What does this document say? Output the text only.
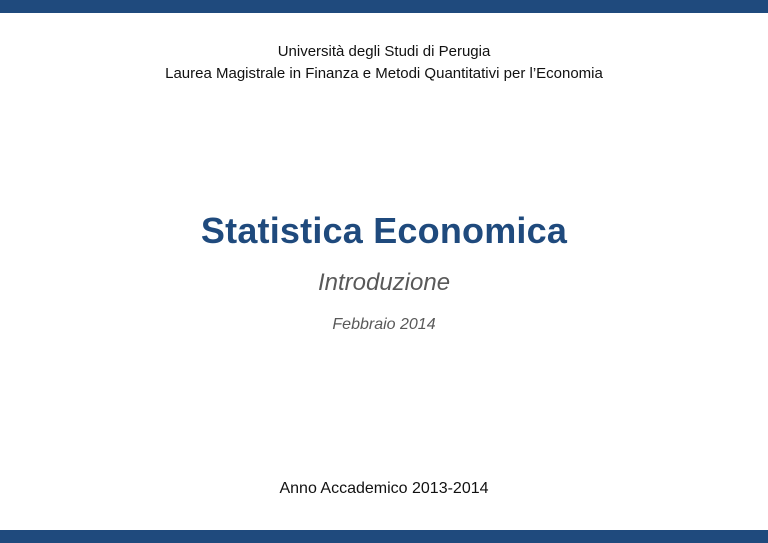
Università degli Studi di Perugia
Laurea Magistrale in Finanza e Metodi Quantitativi per l’Economia
Statistica Economica
Introduzione
Febbraio 2014
Anno Accademico 2013-2014
